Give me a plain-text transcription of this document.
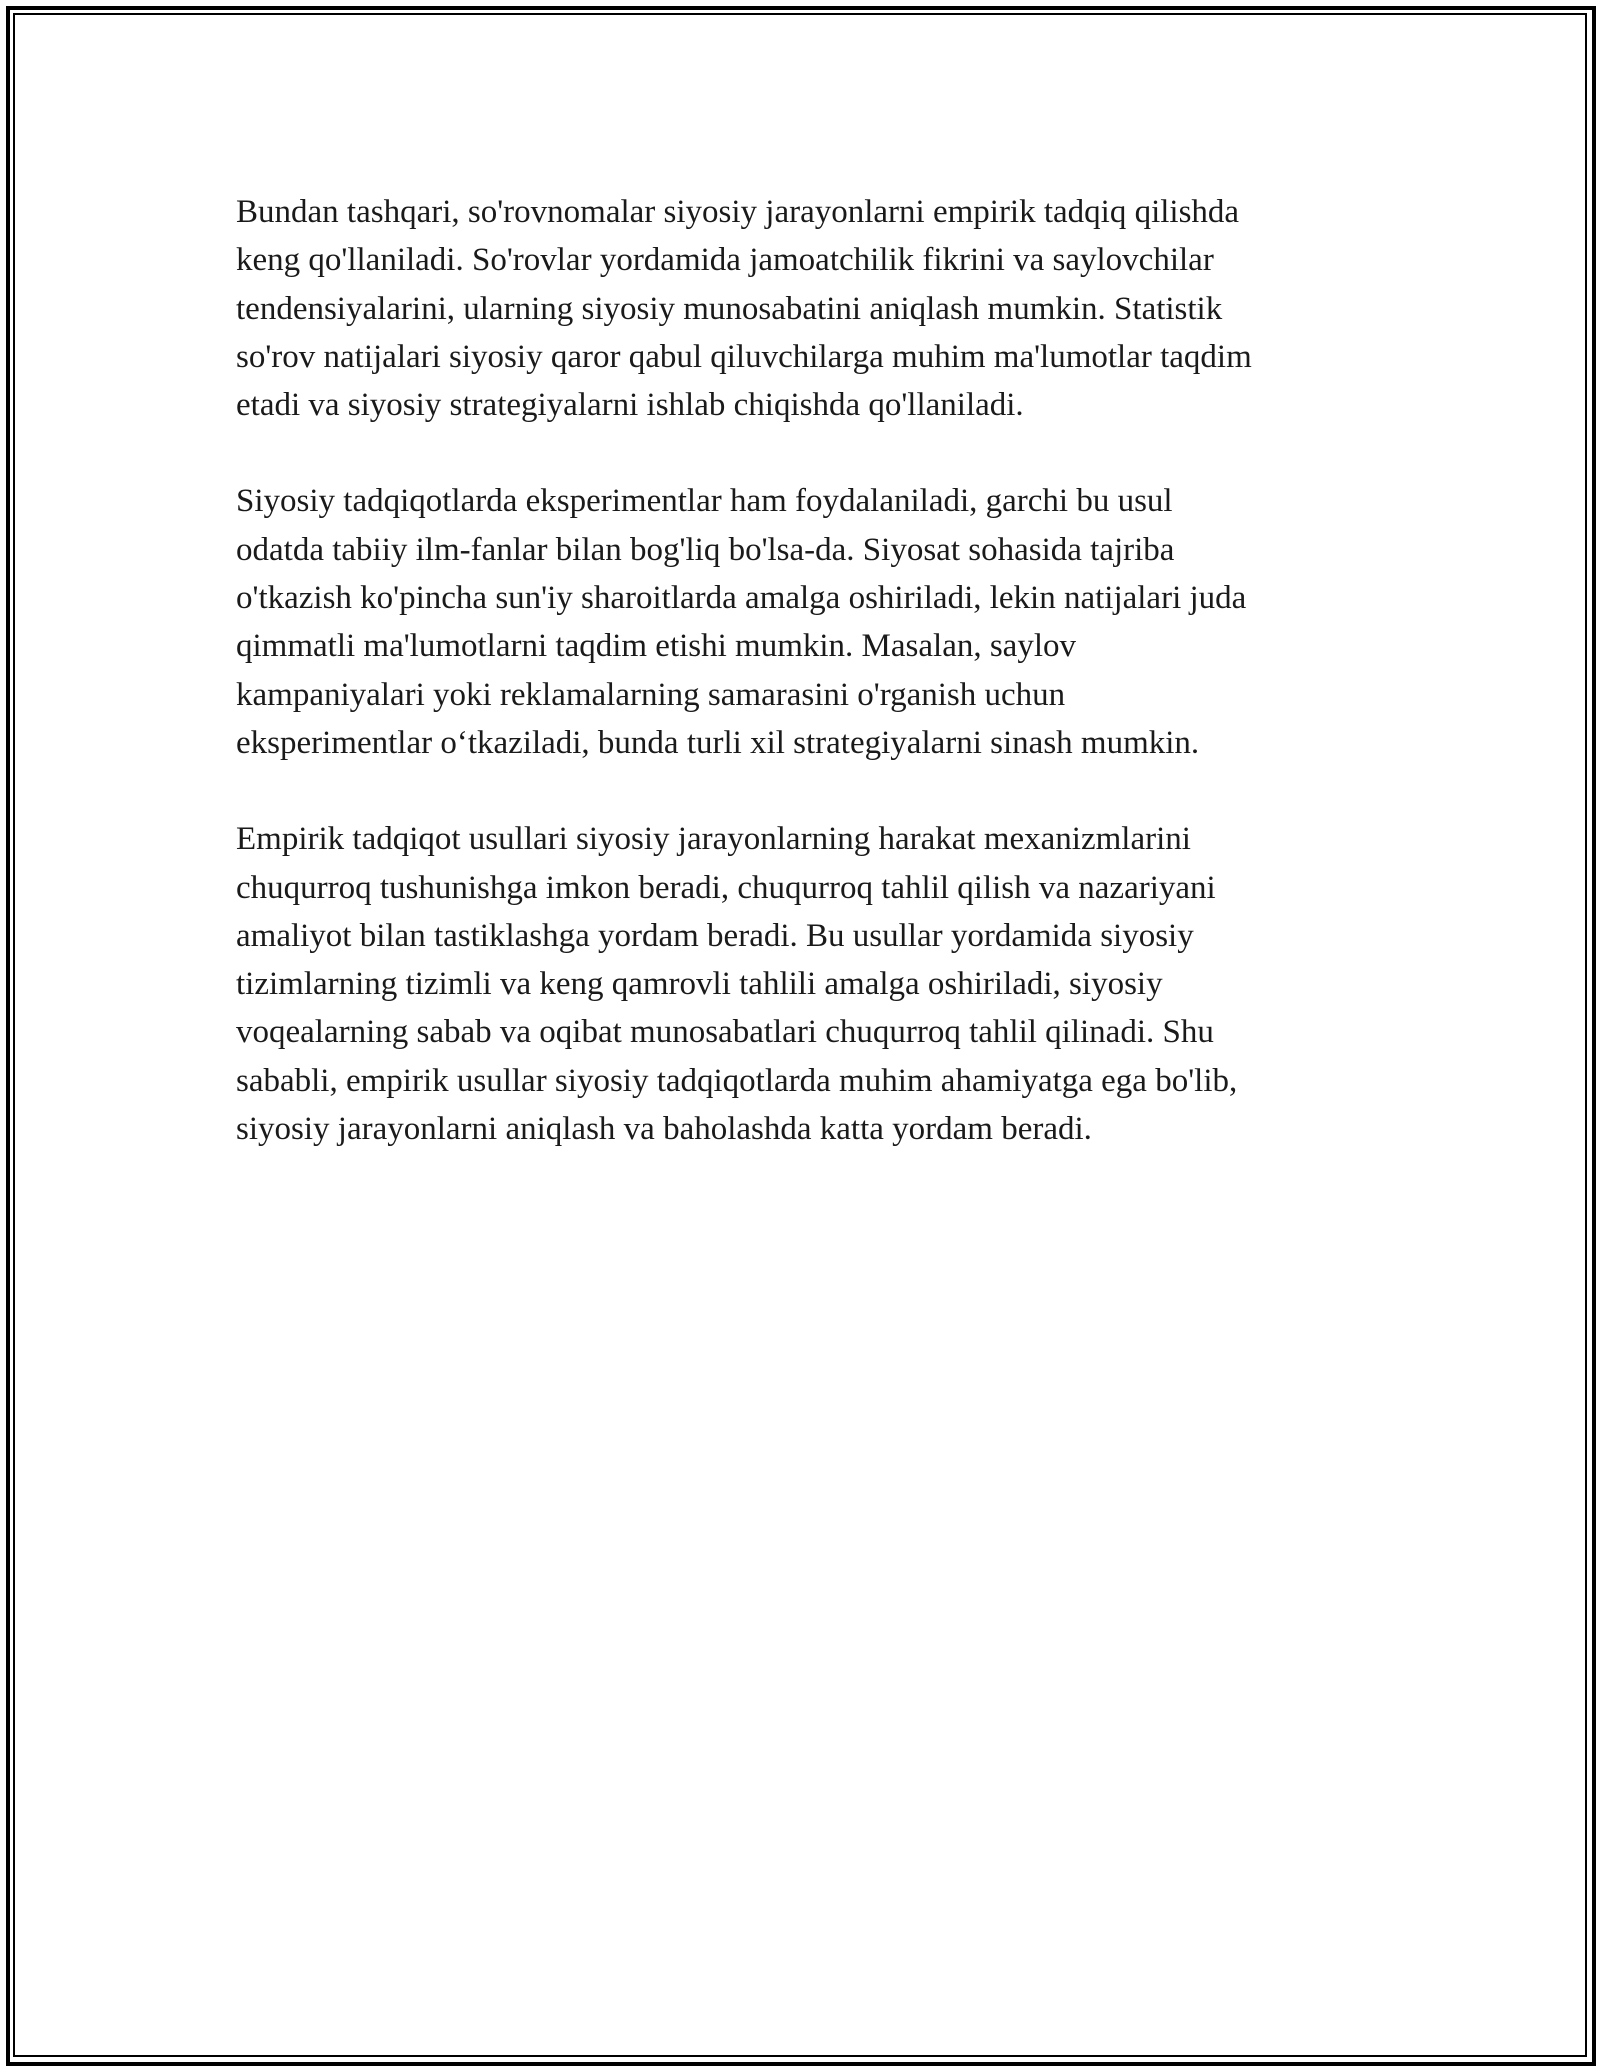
Bundan tashqari, so'rovnomalar siyosiy jarayonlarni empirik tadqiq qilishda
keng qo'llaniladi. So'rovlar yordamida jamoatchilik fikrini va saylovchilar
tendensiyalarini, ularning siyosiy munosabatini aniqlash mumkin. Statistik
so'rov natijalari siyosiy qaror qabul qiluvchilarga muhim ma'lumotlar taqdim
etadi va siyosiy strategiyalarni ishlab chiqishda qo'llaniladi.

Siyosiy tadqiqotlarda eksperimentlar ham foydalaniladi, garchi bu usul
odatda tabiiy ilm-fanlar bilan bog'liq bo'lsa-da. Siyosat sohasida tajriba
o'tkazish ko'pincha sun'iy sharoitlarda amalga oshiriladi, lekin natijalari juda
qimmatli ma'lumotlarni taqdim etishi mumkin. Masalan, saylov
kampaniyalari yoki reklamalarning samarasini o'rganish uchun
eksperimentlar o‘tkaziladi, bunda turli xil strategiyalarni sinash mumkin.

Empirik tadqiqot usullari siyosiy jarayonlarning harakat mexanizmlarini
chuqurroq tushunishga imkon beradi, chuqurroq tahlil qilish va nazariyani
amaliyot bilan tastiklashga yordam beradi. Bu usullar yordamida siyosiy
tizimlarning tizimli va keng qamrovli tahlili amalga oshiriladi, siyosiy
voqealarning sabab va oqibat munosabatlari chuqurroq tahlil qilinadi. Shu
sababli, empirik usullar siyosiy tadqiqotlarda muhim ahamiyatga ega bo'lib,
siyosiy jarayonlarni aniqlash va baholashda katta yordam beradi.
